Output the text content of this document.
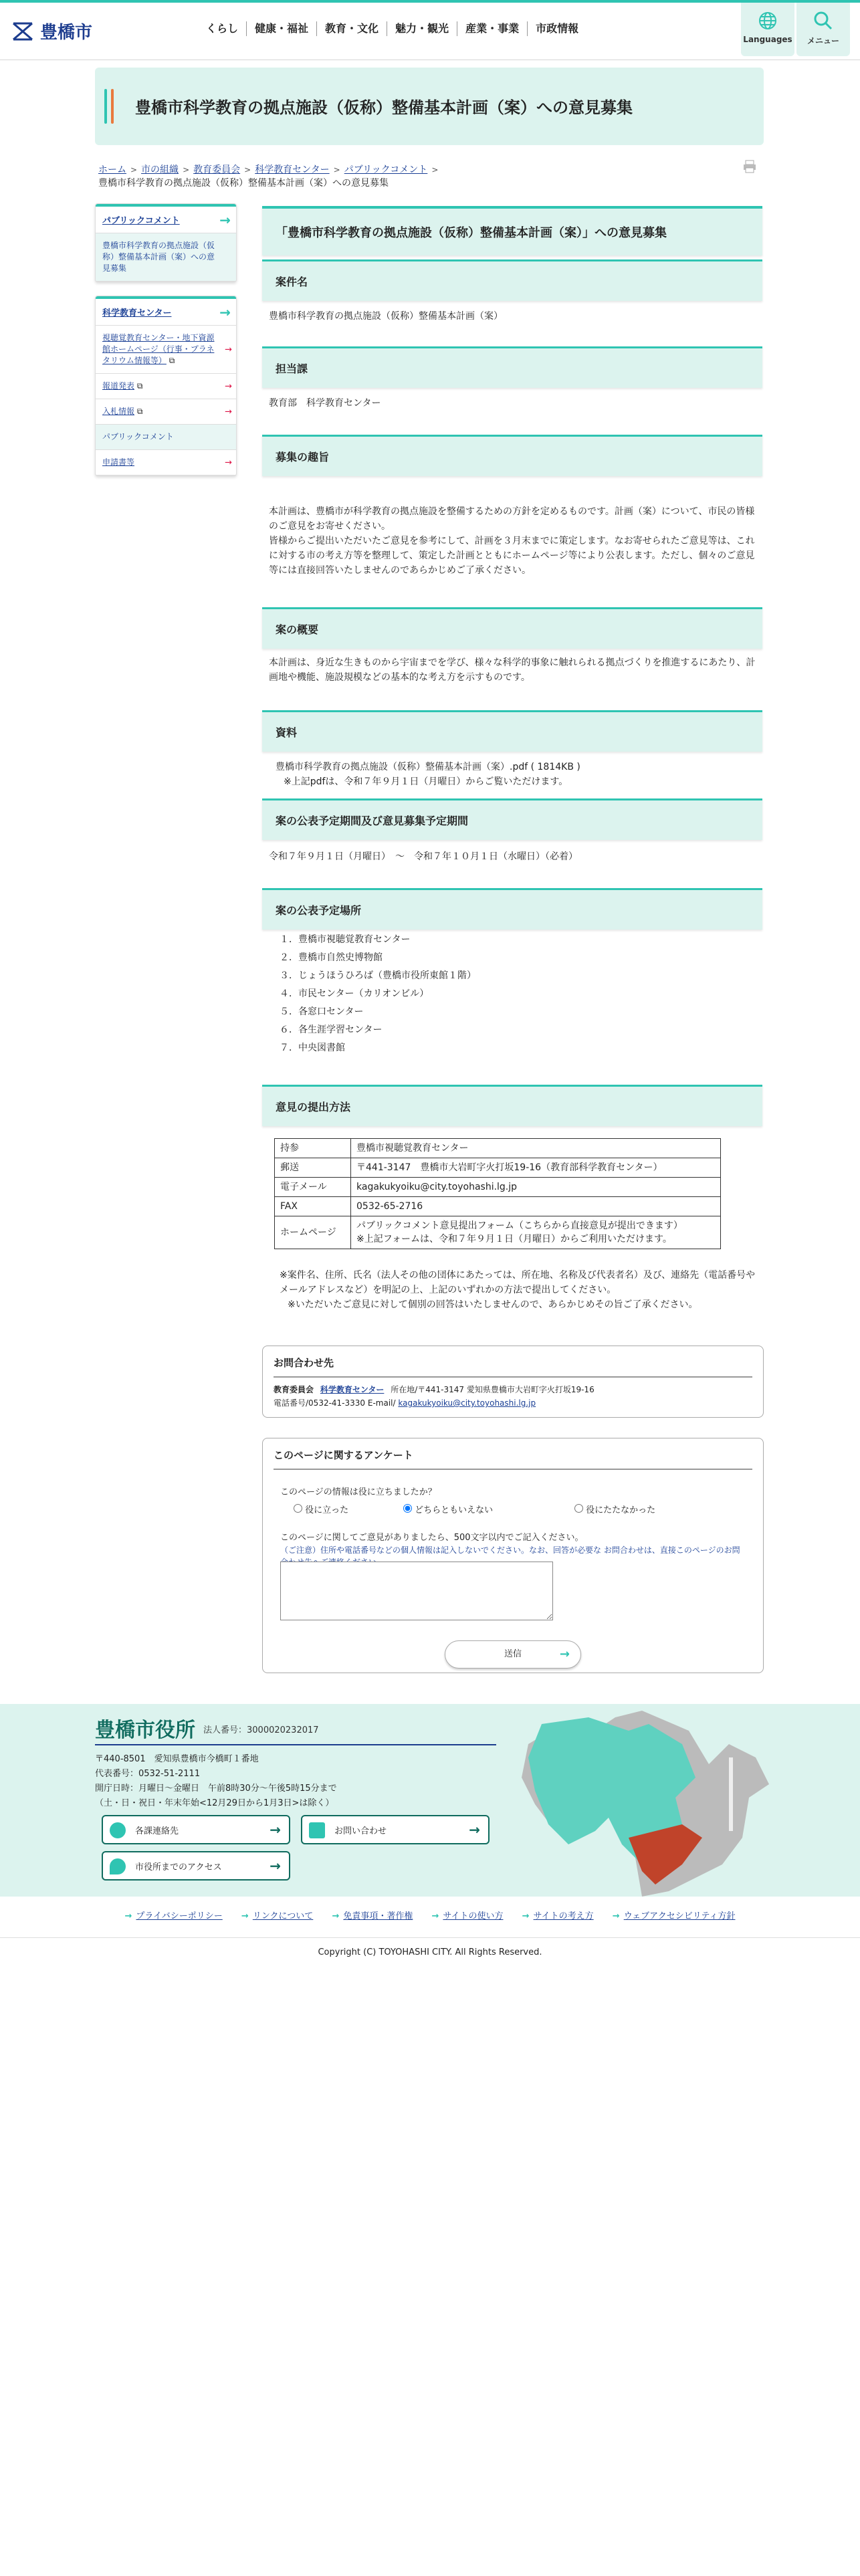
豊橋市	くらし	健康・福祉	教育・文化	魅力・観光	産業・事業	市政情報
Languages	メニュー
豊橋市科学教育の拠点施設（仮称）整備基本計画（案）への意見募集
ホーム > 市の組織 > 教育委員会 > 科学教育センター > パブリックコメント >
豊橋市科学教育の拠点施設（仮称）整備基本計画（案）への意見募集
パブリックコメント	→
豊橋市科学教育の拠点施設（仮称）整備基本計画（案）への意見募集
科学教育センター	→
視聴覚教育センター・地下資源館ホームページ（行事・プラネタリウム情報等） ⧉
→
報道発表 ⧉	→
入札情報 ⧉	→
パブリックコメント
申請書等	→
「豊橋市科学教育の拠点施設（仮称）整備基本計画（案）」への意見募集
案件名
豊橋市科学教育の拠点施設（仮称）整備基本計画（案）
担当課
教育部　科学教育センター
募集の趣旨

本計画は、豊橋市が科学教育の拠点施設を整備するための方針を定めるものです。計画（案）について、市民の皆様のご意見をお寄せください。

皆様からご提出いただいたご意見を参考にして、計画を３月末までに策定します。なお寄せられたご意見等は、これに対する市の考え方等を整理して、策定した計画とともにホームページ等により公表します。ただし、個々のご意見等には直接回答いたしませんのであらかじめご了承ください。

案の概要
本計画は、身近な生きものから宇宙までを学び、様々な科学的事象に触れられる拠点づくりを推進するにあたり、計画地や機能、施設規模などの基本的な考え方を示すものです。
資料
豊橋市科学教育の拠点施設（仮称）整備基本計画（案）.pdf ( 1814KB )
※上記pdfは、令和７年９月１日（月曜日）からご覧いただけます。
案の公表予定期間及び意見募集予定期間
令和７年９月１日（月曜日）　～　令和７年１０月１日（水曜日）（必着）
案の公表予定場所
１．豊橋市視聴覚教育センター
２．豊橋市自然史博物館
３．じょうほうひろば（豊橋市役所東館１階）
４．市民センター（カリオンビル）
５．各窓口センター
６．各生涯学習センター
７．中央図書館
意見の提出方法
持参	豊橋市視聴覚教育センター
郵送	〒441-3147　豊橋市大岩町字火打坂19-16（教育部科学教育センター）
電子メール	kagakukyoiku@city.toyohashi.lg.jp
FAX	0532-65-2716
ホームページ	パブリックコメント意見提出フォーム（こちらから直接意見が提出できます）
※上記フォームは、令和７年９月１日（月曜日）からご利用いただけます。

※案件名、住所、氏名（法人その他の団体にあたっては、所在地、名称及び代表者名）及び、連絡先（電話番号やメールアドレスなど）を明記の上、上記のいずれかの方法で提出してください。

※いただいたご意見に対して個別の回答はいたしませんので、あらかじめその旨ご了承ください。

お問合わせ先
教育委員会 科学教育センター 所在地/〒441-3147 愛知県豊橋市大岩町字火打坂19-16
電話番号/0532-41-3330 E-mail/ kagakukyoiku@city.toyohashi.lg.jp
このページに関するアンケート
このページの情報は役に立ちましたか？
役に立った	どちらともいえない	役にたたなかった
このページに関してご意見がありましたら、500文字以内でご記入ください。
（ご注意）住所や電話番号などの個人情報は記入しないでください。なお、回答が必要な お問合わせは、直接このページのお問
送信	→
豊橋市役所 法人番号：3000020232017
〒440-8501　愛知県豊橋市今橋町１番地
代表番号：0532-51-2111
開庁日時：月曜日～金曜日　午前8時30分～午後5時15分まで
（土・日・祝日・年末年始<12月29日から1月3日>は除く）
各課連絡先	→	お問い合わせ	→
市役所までのアクセス	→
→ プライバシーポリシー → リンクについて → 免責事項・著作権 → サイトの使い方 → サイトの考え方 → ウェブアクセシビリティ方針
Copyright (C) TOYOHASHI CITY. All Rights Reserved.
